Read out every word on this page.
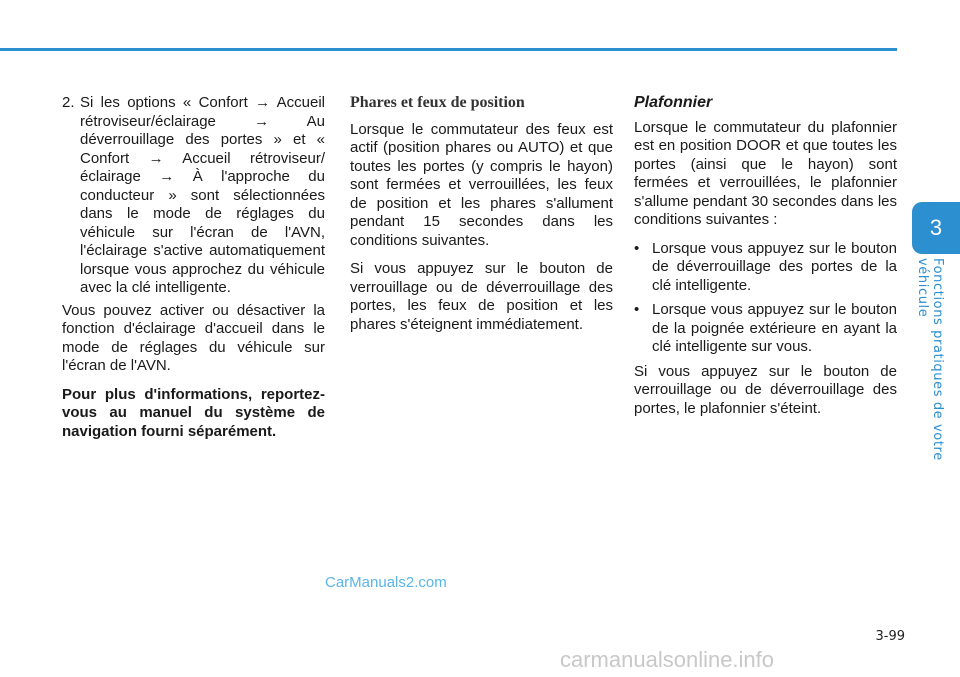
2. Si les options « Confort → Accueil rétroviseur/éclairage → Au déverrouillage des portes » et « Confort → Accueil rétroviseur/éclairage → À l'approche du conducteur » sont sélectionnées dans le mode de réglages du véhicule sur l'écran de l'AVN, l'éclairage s'active automatiquement lorsque vous approchez du véhicule avec la clé intelligente.

Vous pouvez activer ou désactiver la fonction d'éclairage d'accueil dans le mode de réglages du véhicule sur l'écran de l'AVN.

Pour plus d'informations, reportez-vous au manuel du système de navigation fourni séparément.

Phares et feux de position

Lorsque le commutateur des feux est actif (position phares ou AUTO) et que toutes les portes (y compris le hayon) sont fermées et verrouillées, les feux de position et les phares s'allument pendant 15 secondes dans les conditions suivantes.

Si vous appuyez sur le bouton de verrouillage ou de déverrouillage des portes, les feux de position et les phares s'éteignent immédiatement.

Plafonnier

Lorsque le commutateur du plafonnier est en position DOOR et que toutes les portes (ainsi que le hayon) sont fermées et verrouillées, le plafonnier s'allume pendant 30 secondes dans les conditions suivantes :

• Lorsque vous appuyez sur le bouton de déverrouillage des portes de la clé intelligente.
• Lorsque vous appuyez sur le bouton de la poignée extérieure en ayant la clé intelligente sur vous.

Si vous appuyez sur le bouton de verrouillage ou de déverrouillage des portes, le plafonnier s'éteint.

3
Fonctions pratiques de votre véhicule
3-99
CarManuals2.com
carmanualsonline.info
